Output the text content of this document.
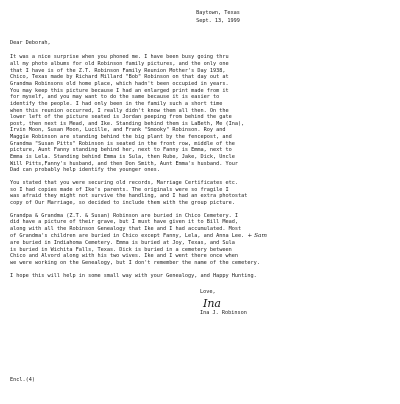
Baytown, Texas
Sept. 13, 1999
Dear Deborah,
It was a nice surprise when you phoned me. I have been busy going thru
all my photo albums for old Robinson family pictures, and the only one
that I have is of the Z.T. Robinson Family Reunion Mother's Day 1938,
Chico, Texas made by Richard Millard "Bob" Robinson on that day out at
Grandma Robinsons old home place, which hadn't been occupied in years.
You may keep this picture because I had an enlarged print made from it
for myself, and you may want to do the same because it is easier to
identify the people. I had only been in the family such a short time
when this reunion occurred, I really didn't know them all then. On the
lower left of the picture seated is Jordan peeping from behind the gate
post, then next is Mead, and Ike. Standing behind them is LaBeth, Me (Ina),
Irvin Moon, Susan Moon, Lucille, and Frank "Smooky" Robinson. Roy and
Maggie Robinson are standing behind the big plant by the fencepost, and
Grandma "Susan Pitts" Robinson is seated in the front row, middle of the
picture, Aunt Fanny standing behind her, next to Fanny is Emma, next to
Emma is Lela. Standing behind Emma is Sula, then Rube, Jake, Dick, Uncle
Will Pitts,Fanny's husband, and then Don Smith, Aunt Emma's husband. Your
Dad can probably help identify the younger ones.
You stated that you were securing old records, Marriage Certificates etc.
so I had copies made of Ike's parents. The originals were so fragile I
was afraid they might not survive the handling, and I had an extra photostat
copy of Our Marriage, so decided to include them with the group picture.
Grandpa & Grandma (Z.T. & Susan) Robinson are buried in Chico Cemetery. I
did have a picture of their grave, but I must have given it to Bill Mead,
along with all the Robinson Genealogy that Ike and I had accumulated. Most
of Grandma's children are buried in Chico except Fanny, Lela, and Anna Lee. + Sam
are buried in Indiahoma Cemetery. Emma is buried at Joy, Texas, and Sula
is buried in Wichita Falls, Texas. Dick is buried in a cemetery between
Chico and Alvord along with his two wives. Ike and I went there once when
we were working on the Genealogy, but I don't remember the name of the cemetery.
I hope this will help in some small way with your Genealogy, and Happy Hunting.
Love,
Ina
Ina J. Robinson
Encl.(4)
